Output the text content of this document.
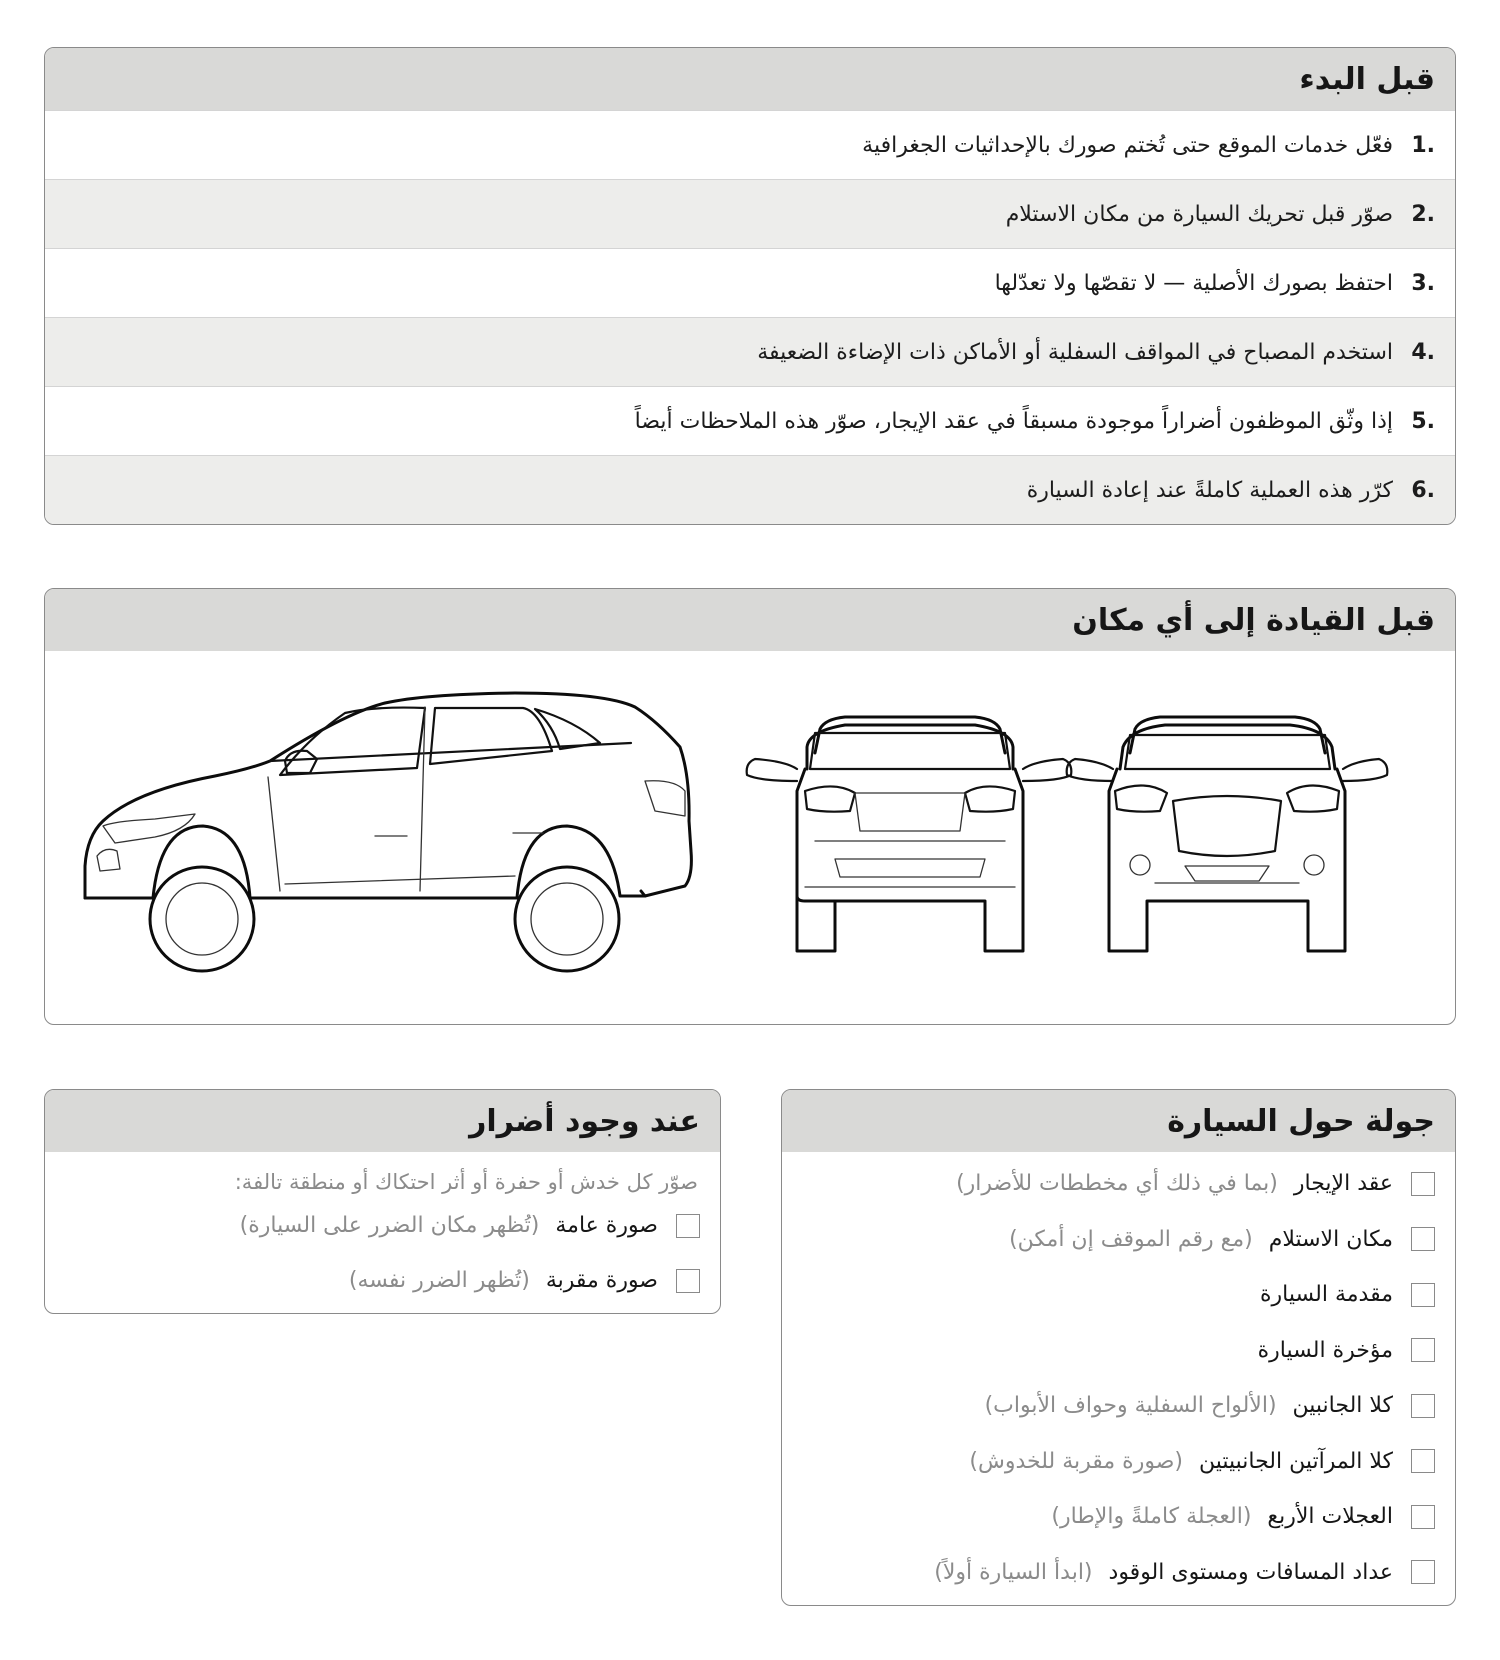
قبل البدء
1.
فعّل خدمات الموقع حتى تُختم صورك بالإحداثيات الجغرافية
2.
صوّر قبل تحريك السيارة من مكان الاستلام
3.
احتفظ بصورك الأصلية — لا تقصّها ولا تعدّلها
4.
استخدم المصباح في المواقف السفلية أو الأماكن ذات الإضاءة الضعيفة
5.
إذا وثّق الموظفون أضراراً موجودة مسبقاً في عقد الإيجار، صوّر هذه الملاحظات أيضاً
6.
كرّر هذه العملية كاملةً عند إعادة السيارة
قبل القيادة إلى أي مكان
عند وجود أضرار
صوّر كل خدش أو حفرة أو أثر احتكاك أو منطقة تالفة:
صورة عامة
(تُظهر مكان الضرر على السيارة)
صورة مقربة
(تُظهر الضرر نفسه)
جولة حول السيارة
عقد الإيجار
(بما في ذلك أي مخططات للأضرار)
مكان الاستلام
(مع رقم الموقف إن أمكن)
مقدمة السيارة
مؤخرة السيارة
كلا الجانبين
(الألواح السفلية وحواف الأبواب)
كلا المرآتين الجانبيتين
(صورة مقربة للخدوش)
العجلات الأربع
(العجلة كاملةً والإطار)
عداد المسافات ومستوى الوقود
(ابدأ السيارة أولاً)
